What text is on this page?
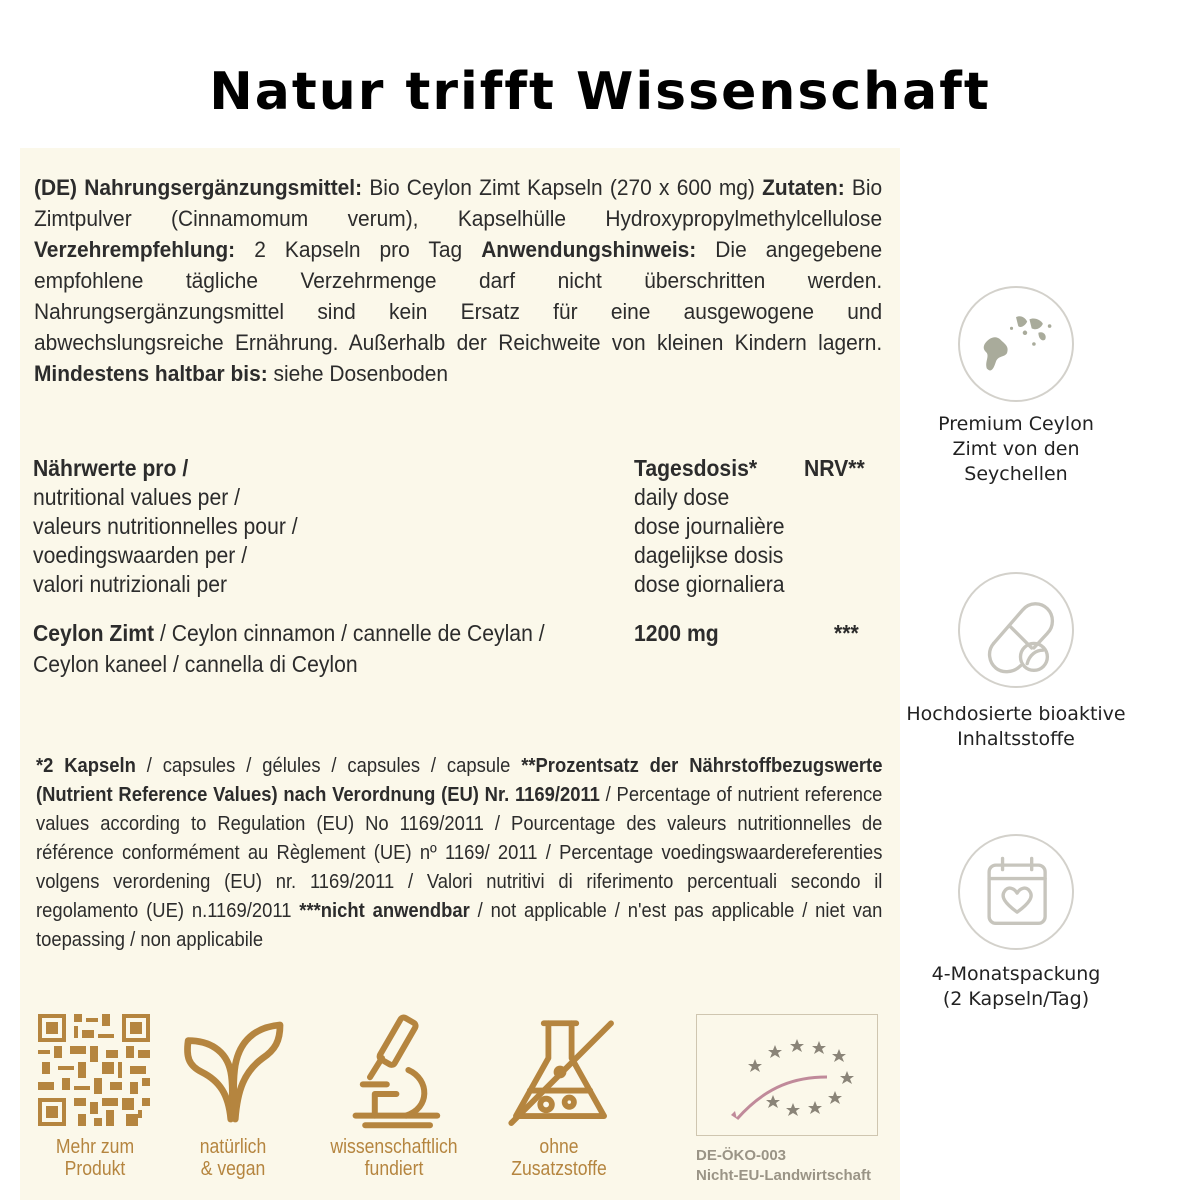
Natur trifft Wissenschaft
(DE) Nahrungsergänzungsmittel: Bio Ceylon Zimt Kapseln (270 x 600 mg) Zutaten: Bio Zimtpulver (Cinnamomum verum), Kapselhülle Hydroxypropylmethylcellulose Verzehrempfehlung: 2 Kapseln pro Tag Anwendungshinweis: Die angegebene empfohlene tägliche Verzehrmenge darf nicht überschritten werden. Nahrungsergänzungsmittel sind kein Ersatz für eine ausgewogene und abwechslungsreiche Ernährung. Außerhalb der Reichweite von kleinen Kindern lagern. Mindestens haltbar bis: siehe Dosenboden
Nährwerte pro /
nutritional values per /
valeurs nutritionnelles pour /
voedingswaarden per /
valori nutrizionali per
Tagesdosis*
daily dose
dose journalière
dagelijkse dosis
dose giornaliera
NRV**
Ceylon Zimt / Ceylon cinnamon / cannelle de Ceylan /
Ceylon kaneel / cannella di Ceylon
1200 mg	***
*2 Kapseln / capsules / gélules / capsules / capsule **Prozentsatz der Nährstoffbezugswerte (Nutrient Reference Values) nach Verordnung (EU) Nr. 1169/2011 / Percentage of nutrient reference values according to Regulation (EU) No 1169/2011 / Pourcentage des valeurs nutritionnelles de référence conformément au Règlement (UE) nº 1169/ 2011 / Percentage voedingswaardereferenties volgens verordening (EU) nr. 1169/2011 / Valori nutritivi di riferimento percentuali secondo il regolamento (UE) n.1169/2011 ***nicht anwendbar / not applicable / n'est pas applicable / niet van toepassing / non applicabile
Mehr zum
Produkt
natürlich
& vegan
wissenschaftlich
fundiert
ohne
Zusatzstoffe
DE-ÖKO-003
Nicht-EU-Landwirtschaft
Premium Ceylon
Zimt von den
Seychellen
Hochdosierte bioaktive
Inhaltsstoffe
4-Monatspackung
(2 Kapseln/Tag)
